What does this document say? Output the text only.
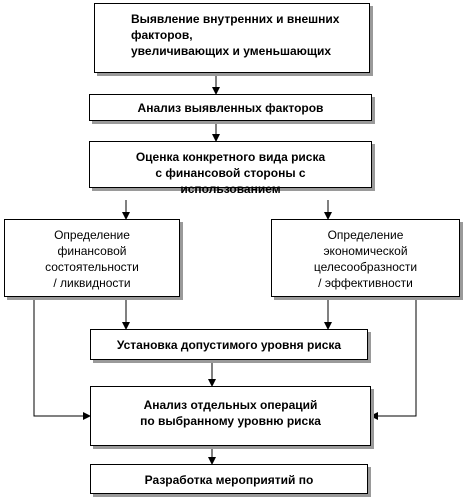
Выявление внутренних и внешних
факторов,
увеличивающих и уменьшающих
Анализ выявленных факторов
Оценка конкретного вида риска
с финансовой стороны с
использованием
Определение
финансовой
состоятельности
/ ликвидности
Определение
экономической
целесообразности
/ эффективности
Установка допустимого уровня риска
Анализ отдельных операций
по выбранному уровню риска
Разработка мероприятий по
